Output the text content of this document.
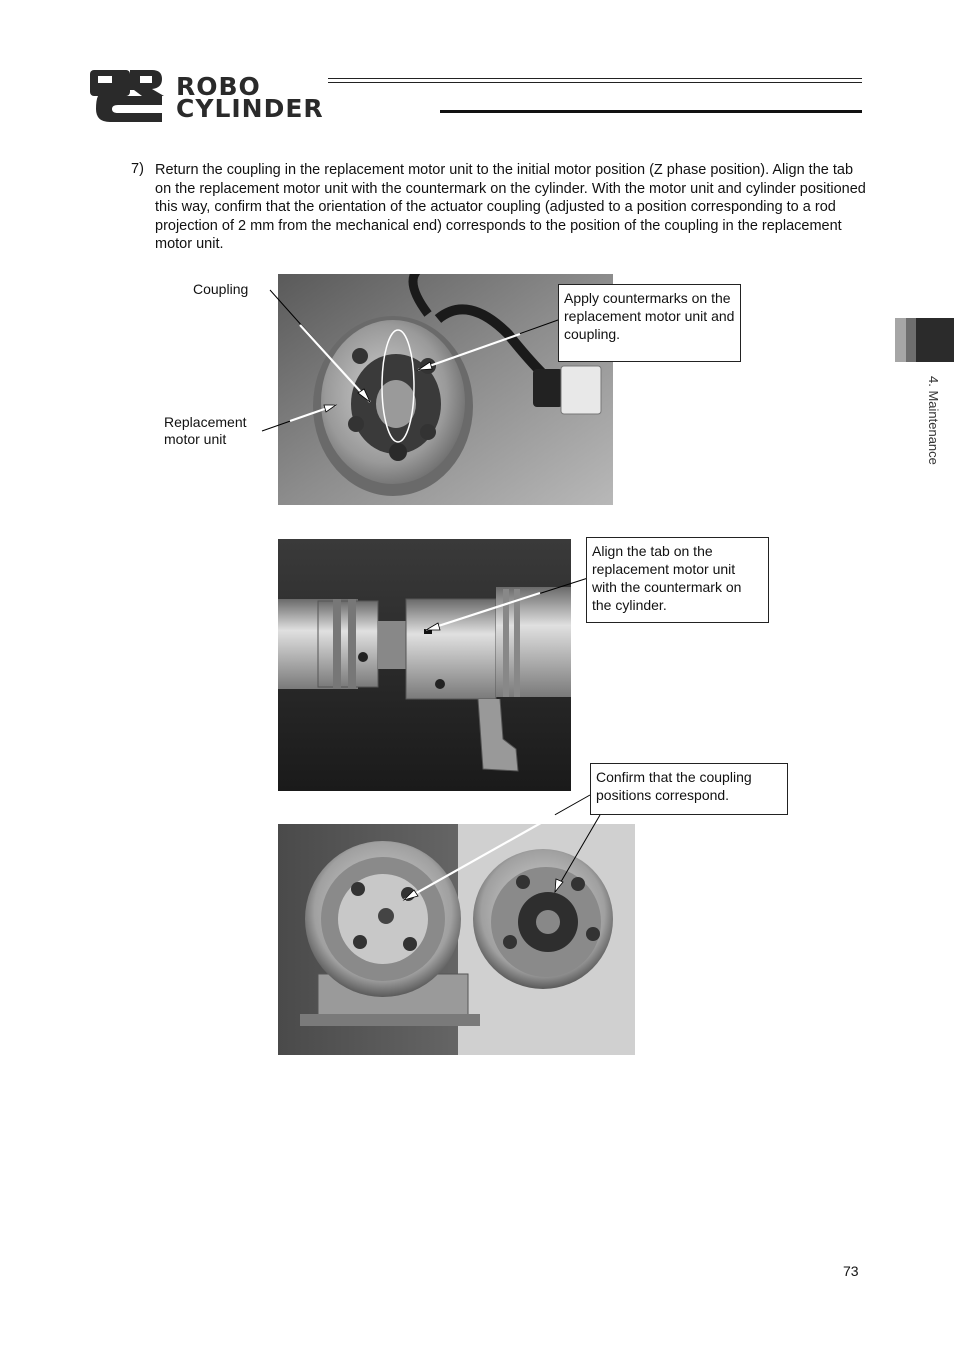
ROBO
CYLINDER
7) Return the coupling in the replacement motor unit to the initial motor position (Z phase position). Align the tab on the replacement motor unit with the countermark on the cylinder. With the motor unit and cylinder positioned this way, confirm that the orientation of the actuator coupling (adjusted to a position corresponding to a rod projection of 2 mm from the mechanical end) corresponds to the position of the coupling in the replacement motor unit.
Coupling
Replacement
motor unit
Apply countermarks on the replacement motor unit and coupling.
Align the tab on the replacement motor unit with the countermark on the cylinder.
Confirm that the coupling positions correspond.
4. Maintenance
73
